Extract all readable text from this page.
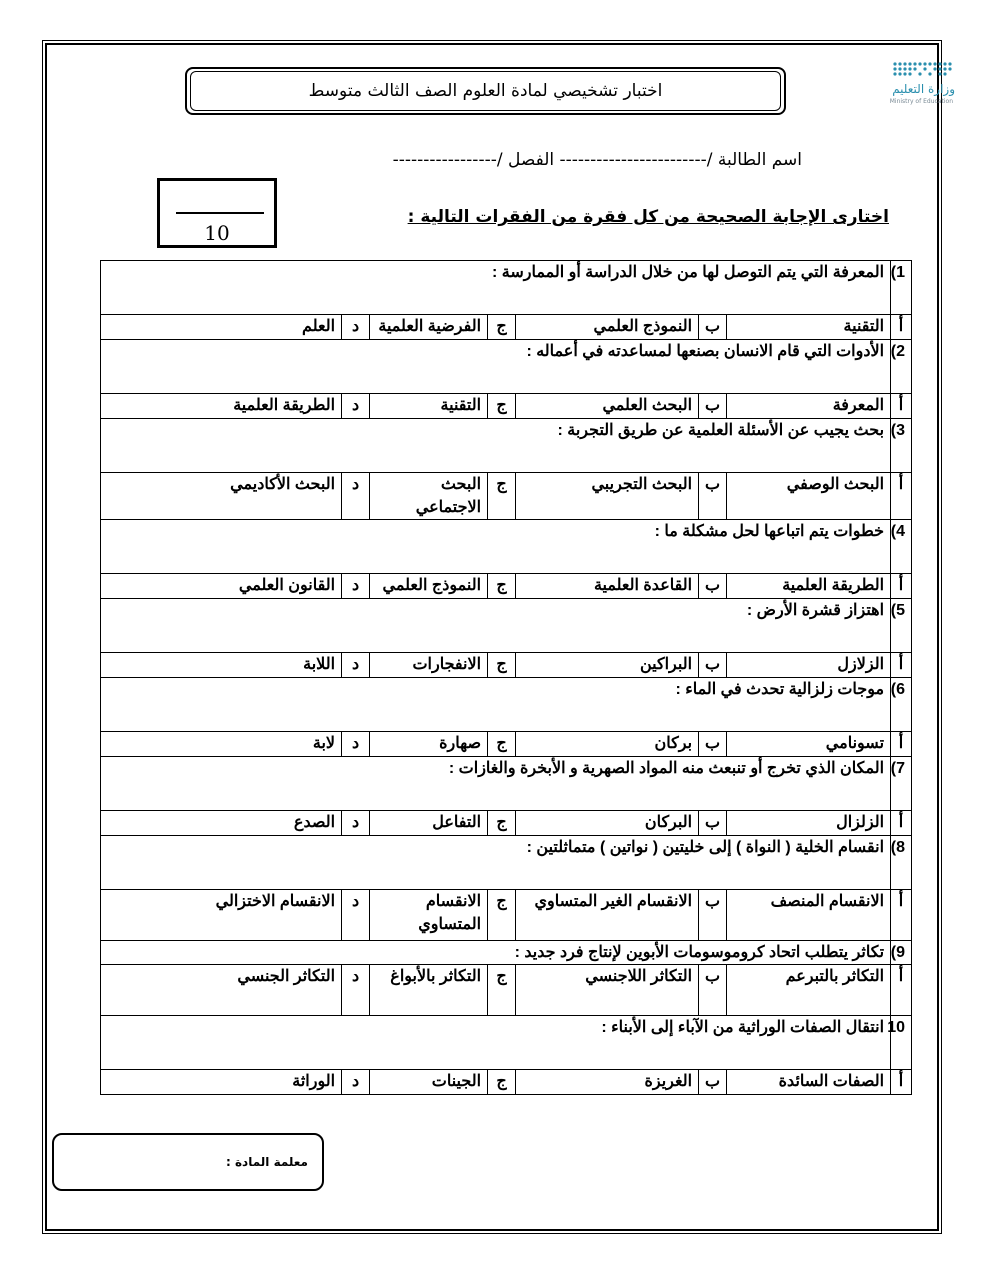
وزارة التعليم
Ministry of Education
اختبار تشخيصي لمادة العلوم الصف الثالث متوسط
اسم الطالبة /------------------------ الفصل /-----------------
10
اختارى الإجابة الصحيحة من كل فقرة من الفقرات التالية :
1)	المعرفة التي يتم التوصل لها من خلال الدراسة أو الممارسة :						
أ	التقنية	ب	النموذج العلمي	ج	الفرضية العلمية	د	العلم
2)	الأدوات التي قام الانسان بصنعها لمساعدته في أعماله :						
أ	المعرفة	ب	البحث العلمي	ج	التقنية	د	الطريقة العلمية
3)	بحث يجيب عن الأسئلة العلمية عن طريق التجربة :						
أ	البحث الوصفي	ب	البحث التجريبي	ج	البحث الاجتماعي	د	البحث الأكاديمي
4)	خطوات يتم اتباعها لحل مشكلة ما :						
أ	الطريقة العلمية	ب	القاعدة العلمية	ج	النموذج العلمي	د	القانون العلمي
5)	اهتزاز قشرة الأرض :						
أ	الزلازل	ب	البراكين	ج	الانفجارات	د	اللابة
6)	موجات زلزالية تحدث في الماء :						
أ	تسونامي	ب	بركان	ج	صهارة	د	لابة
7)	المكان الذي تخرج أو تنبعث منه المواد الصهرية و الأبخرة والغازات :						
أ	الزلزال	ب	البركان	ج	التفاعل	د	الصدع
8)	انقسام الخلية ( النواة ) إلى خليتين ( نواتين ) متماثلتين :						
أ	الانقسام المنصف	ب	الانقسام الغير المتساوي	ج	الانقسام المتساوي	د	الانقسام الاختزالي
9)	تكاثر يتطلب اتحاد كروموسومات الأبوين لإنتاج فرد جديد :						
أ	التكاثر بالتبرعم	ب	التكاثر اللاجنسي	ج	التكاثر بالأبواغ	د	التكاثر الجنسي
10	انتقال الصفات الوراثية من الآباء إلى الأبناء :						
أ	الصفات السائدة	ب	الغريزة	ج	الجينات	د	الوراثة
معلمة المادة :
